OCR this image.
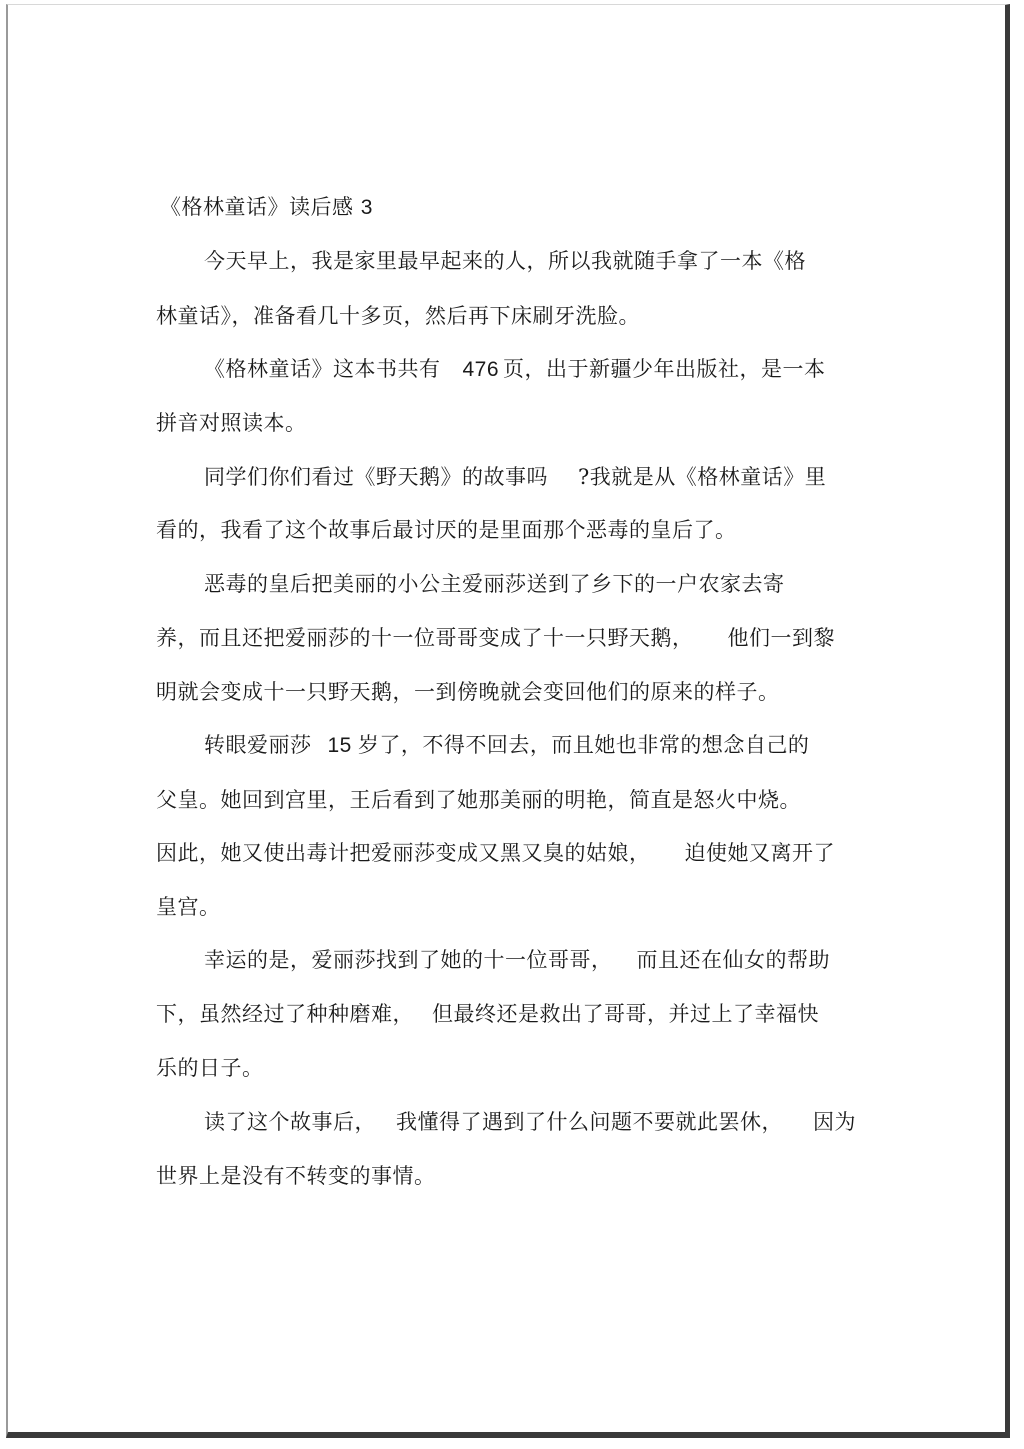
《格林童话》读后感 3
今天早上，我是家里最早起来的人，所以我就随手拿了一本《格
林童话》，准备看几十多页，然后再下床刷牙洗脸。
《格林童话》这本书共有 476 页，出于新疆少年出版社，是一本
拼音对照读本。
同学们你们看过《野天鹅》的故事吗 ?我就是从《格林童话》里
看的，我看了这个故事后最讨厌的是里面那个恶毒的皇后了。
恶毒的皇后把美丽的小公主爱丽莎送到了乡下的一户农家去寄
养，而且还把爱丽莎的十一位哥哥变成了十一只野天鹅， 他们一到黎
明就会变成十一只野天鹅，一到傍晚就会变回他们的原来的样子。
转眼爱丽莎 15 岁了，不得不回去，而且她也非常的想念自己的
父皇。她回到宫里，王后看到了她那美丽的明艳，简直是怒火中烧。
因此，她又使出毒计把爱丽莎变成又黑又臭的姑娘， 迫使她又离开了
皇宫。
幸运的是，爱丽莎找到了她的十一位哥哥， 而且还在仙女的帮助
下，虽然经过了种种磨难， 但最终还是救出了哥哥，并过上了幸福快
乐的日子。
读了这个故事后， 我懂得了遇到了什么问题不要就此罢休， 因为
世界上是没有不转变的事情。
